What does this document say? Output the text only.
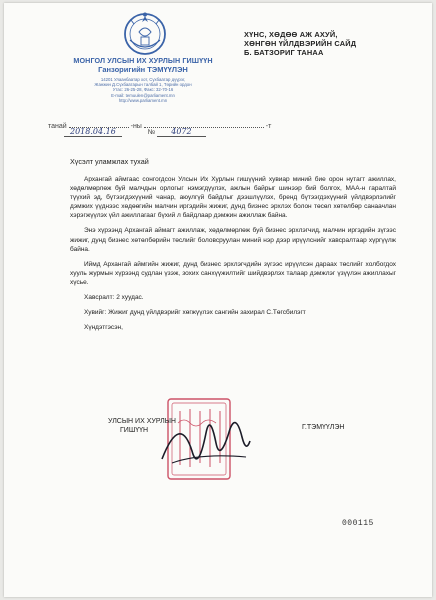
МОНГОЛ УЛСЫН ИХ ХУРЛЫН ГИШҮҮН
Ганзоригийн ТЭМҮҮЛЭН
14201 Улаанбаатар хот, Сүхбаатар дүүрэг,
Жанжин Д.Сүхбаатарын талбай 1, Төрийн ордон
Утас: 26-25-28, Факс: 32-70-16
E-mail: temuulen@parliament.mn
http://www.parliament.mn
ХҮНС, ХӨДӨӨ АЖ АХУЙ,
ХӨНГӨН ҮЙЛДВЭРИЙН САЙД
Б. БАТЗОРИГ ТАНАА
2018.04.16	№ 4072
танай	-ны	-т
Хүсэлт уламжлах тухай

Архангай аймгаас сонгогдсон Улсын Их Хурлын гишүүний хувиар миний бие орон нутагт ажиллах, хөдөлмөрлөж буй малчдын орлогыг нэмэгдүүлэх, ажлын байрыг шинээр бий болгох, МАА-н гаралтай түүхий эд, бүтээгдэхүүний чанар, аюулгүй байдлыг дээшлүүлэх, бренд бүтээгдэхүүний үйлдвэрлэлийг дэмжих үүднээс хөдөөгийн малчин иргэдийн жижиг, дунд бизнес эрхлэх болон төсөл хөтөлбөр санаачлан хэрэгжүүлэх үйл ажиллагааг бүхий л байдлаар дэмжин ажиллаж байна.

Энэ хүрээнд Архангай аймагт ажиллаж, хөдөлмөрлөж буй бизнес эрхлэгчид, малчин иргэдийн зүгээс жижиг, дунд бизнес хөтөлбөрийн төслийг боловсруулан миний нэр дээр ирүүлснийг хавсралтаар хүргүүлж байна.

Иймд Архангай аймгийн жижиг, дунд бизнес эрхлэгчдийн зүгээс ирүүлсэн дараах төслийг холбогдох хууль журмын хүрээнд судлан үзэж, зохих санхүүжилтийг шийдвэрлэх талаар дэмжлэг үзүүлэн ажиллахыг хүсье.

Хавсралт: 2 хуудас.

Хувийг: Жижиг дунд үйлдвэрийг хөгжүүлэх сангийн захирал С.Төгсбилэгт

Хүндэтгэсэн,

УЛСЫН ИХ ХУРЛЫН
ГИШҮҮН	Г.ТЭМҮҮЛЭН
000115
